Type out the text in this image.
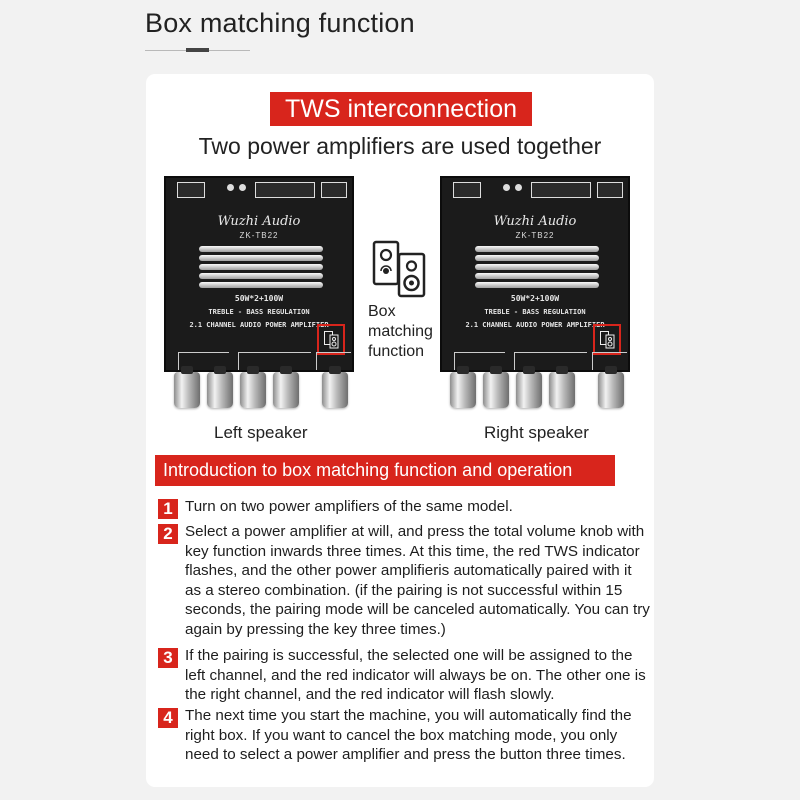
Box matching function
TWS interconnection
Two power amplifiers are used together
Wuzhi Audio
ZK-TB22
50W*2+100W
TREBLE - BASS REGULATION
2.1 CHANNEL AUDIO POWER AMPLIFIER
Wuzhi Audio
ZK-TB22
50W*2+100W
TREBLE - BASS REGULATION
2.1 CHANNEL AUDIO POWER AMPLIFIER
Box
matching
function
Left speaker	Right speaker
Introduction to box matching function and operation
1 Turn on two power amplifiers of the same model.
2 Select a power amplifier at will, and press the total volume knob with key function inwards three times. At this time, the red TWS indicator flashes, and the other power amplifieris automatically paired with it as a stereo combination. (if the pairing is not successful within 15 seconds, the pairing mode will be canceled automatically. You can try again by pressing the key three times.)
3 If the pairing is successful, the selected one will be assigned to the left channel, and the red indicator will always be on. The other one is the right channel, and the red indicator will flash slowly.
4 The next time you start the machine, you will automatically find the right box. If you want to cancel the box matching mode, you only need to select a power amplifier and press the button three times.
